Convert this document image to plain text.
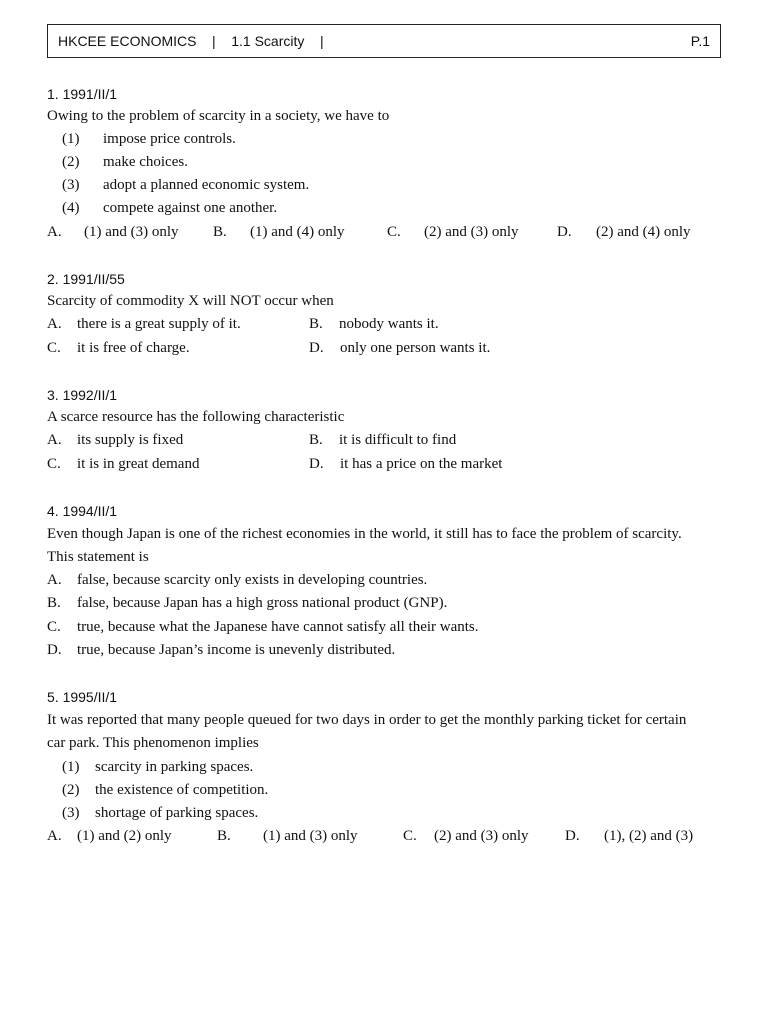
HKCEE ECONOMICS | 1.1 Scarcity |	P.1
1. 1991/II/1
Owing to the problem of scarcity in a society, we have to
(1) impose price controls.
(2) make choices.
(3) adopt a planned economic system.
(4) compete against one another.
A. (1) and (3) only B. (1) and (4) only	C. (2) and (3) only	D. (2) and (4) only
2. 1991/II/55
Scarcity of commodity X will NOT occur when
A. there is a great supply of it.	B. nobody wants it.
C. it is free of charge.	D. only one person wants it.
3. 1992/II/1
A scarce resource has the following characteristic
A. its supply is fixed	B. it is difficult to find
C. it is in great demand	D. it has a price on the market
4. 1994/II/1
Even though Japan is one of the richest economies in the world, it still has to face the problem of scarcity.
This statement is
A. false, because scarcity only exists in developing countries.
B. false, because Japan has a high gross national product (GNP).
C. true, because what the Japanese have cannot satisfy all their wants.
D. true, because Japan’s income is unevenly distributed.
5. 1995/II/1
It was reported that many people queued for two days in order to get the monthly parking ticket for certain
car park. This phenomenon implies
(1) scarcity in parking spaces.
(2) the existence of competition.
(3) shortage of parking spaces.
A. (1) and (2) only	B. (1) and (3) only	C. (2) and (3) only D. (1), (2) and (3)
